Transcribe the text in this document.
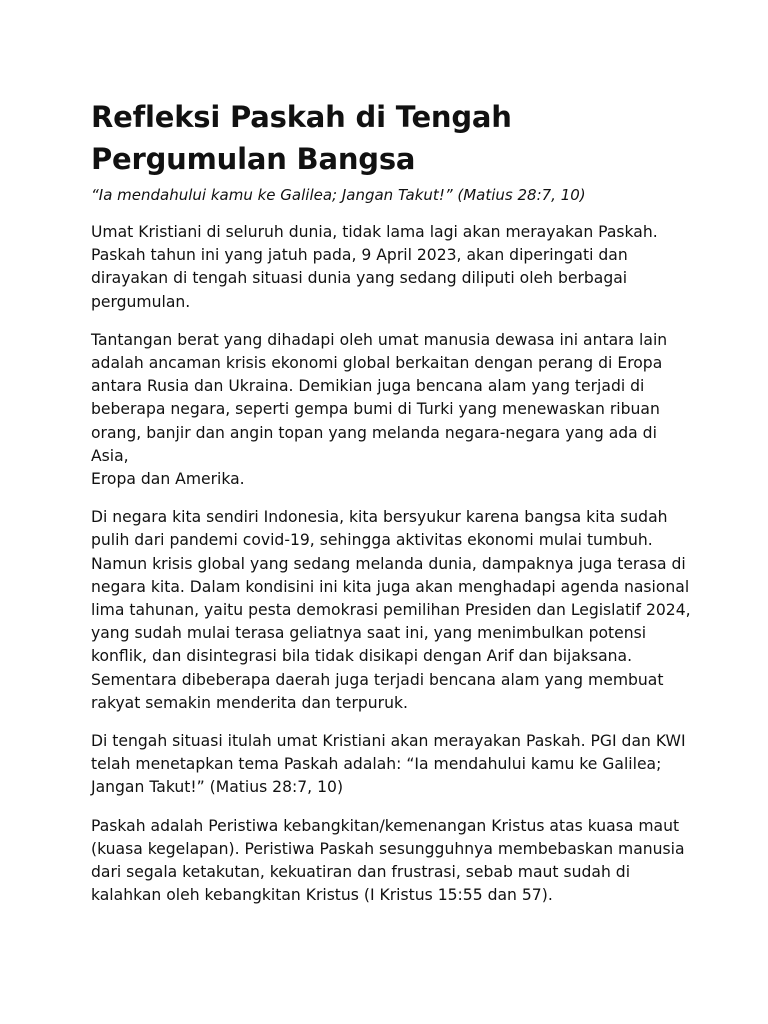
Refleksi Paskah di Tengah Pergumulan Bangsa

“Ia mendahului kamu ke Galilea; Jangan Takut!” (Matius 28:7, 10)

Umat Kristiani di seluruh dunia, tidak lama lagi akan merayakan Paskah.
Paskah tahun ini yang jatuh pada, 9 April 2023, akan diperingati dan
dirayakan di tengah situasi dunia yang sedang diliputi oleh berbagai
pergumulan.

Tantangan berat yang dihadapi oleh umat manusia dewasa ini antara lain
adalah ancaman krisis ekonomi global berkaitan dengan perang di Eropa
antara Rusia dan Ukraina. Demikian juga bencana alam yang terjadi di
beberapa negara, seperti gempa bumi di Turki yang menewaskan ribuan
orang, banjir dan angin topan yang melanda negara-negara yang ada di Asia,
Eropa dan Amerika.

Di negara kita sendiri Indonesia, kita bersyukur karena bangsa kita sudah
pulih dari pandemi covid-19, sehingga aktivitas ekonomi mulai tumbuh.
Namun krisis global yang sedang melanda dunia, dampaknya juga terasa di
negara kita. Dalam kondisini ini kita juga akan menghadapi agenda nasional
lima tahunan, yaitu pesta demokrasi pemilihan Presiden dan Legislatif 2024,
yang sudah mulai terasa geliatnya saat ini, yang menimbulkan potensi
konflik, dan disintegrasi bila tidak disikapi dengan Arif dan bijaksana.
Sementara dibeberapa daerah juga terjadi bencana alam yang membuat
rakyat semakin menderita dan terpuruk.

Di tengah situasi itulah umat Kristiani akan merayakan Paskah. PGI dan KWI
telah menetapkan tema Paskah adalah: “Ia mendahului kamu ke Galilea;
Jangan Takut!” (Matius 28:7, 10)

Paskah adalah Peristiwa kebangkitan/kemenangan Kristus atas kuasa maut
(kuasa kegelapan). Peristiwa Paskah sesungguhnya membebaskan manusia
dari segala ketakutan, kekuatiran dan frustrasi, sebab maut sudah di
kalahkan oleh kebangkitan Kristus (I Kristus 15:55 dan 57).
